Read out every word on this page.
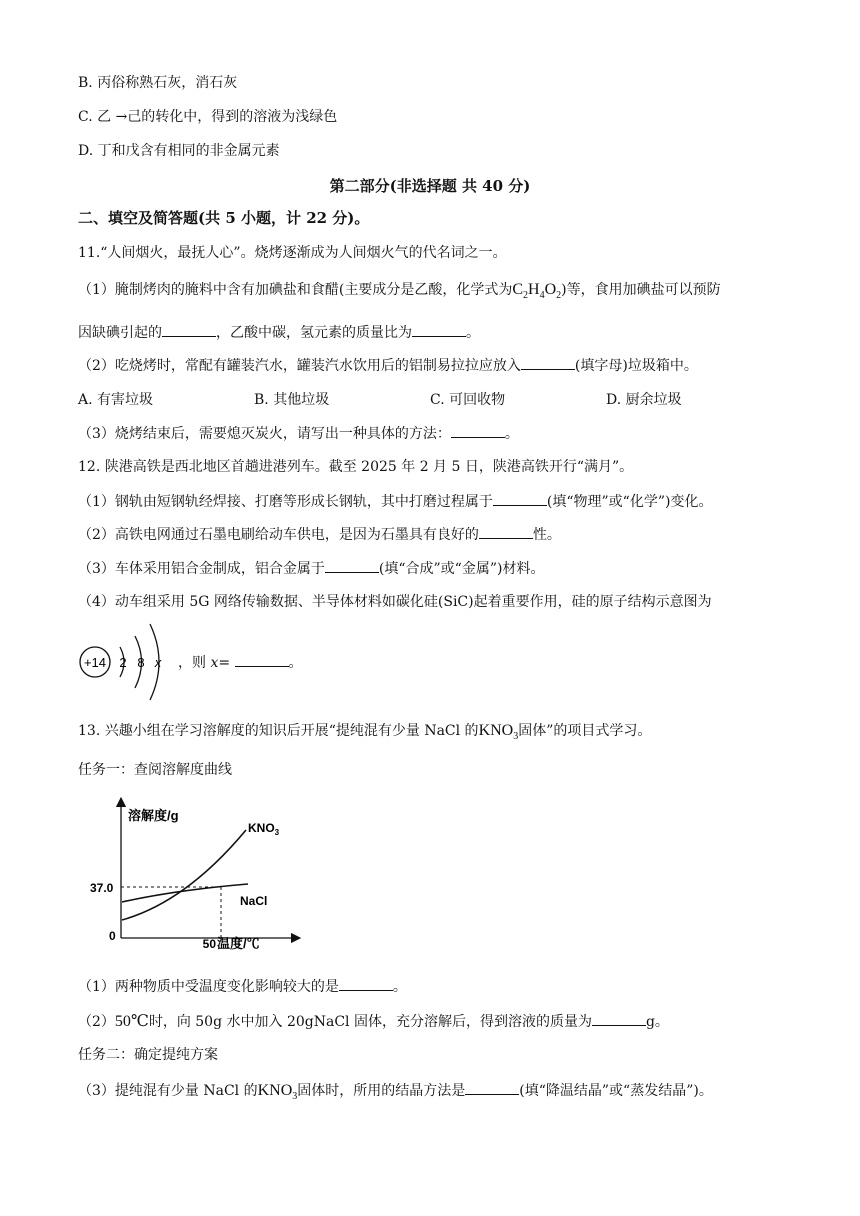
B. 丙俗称熟石灰，消石灰
C. 乙 →己的转化中，得到的溶液为浅绿色
D. 丁和戊含有相同的非金属元素
第二部分(非选择题 共 40 分)
二、填空及简答题(共 5 小题，计 22 分)。
11.“人间烟火，最抚人心”。烧烤逐渐成为人间烟火气的代名词之一。
（1）腌制烤肉的腌料中含有加碘盐和食醋(主要成分是乙酸，化学式为$C_2H_4O_2$)等，食用加碘盐可以预防
因缺碘引起的	，乙酸中碳，氢元素的质量比为	。
（2）吃烧烤时，常配有罐装汽水，罐装汽水饮用后的铝制易拉拉应放入	(填字母)垃圾箱中。
A. 有害垃圾	B. 其他垃圾	C. 可回收物	D. 厨余垃圾
（3）烧烤结束后，需要熄灭炭火，请写出一种具体的方法：	。
12. 陕港高铁是西北地区首趟进港列车。截至 2025 年 2 月 5 日，陕港高铁开行“满月”。
（1）钢轨由短钢轨经焊接、打磨等形成长钢轨，其中打磨过程属于	(填“物理”或“化学”)变化。
（2）高铁电网通过石墨电刷给动车供电，是因为石墨具有良好的	性。
（3）车体采用铝合金制成，铝合金属于	(填“合成”或“金属”)材料。
（4）动车组采用 5G 网络传输数据、半导体材料如碳化硅(SiC)起着重要作用，硅的原子结构示意图为
+14 2 8 x ，则 x=	。
13. 兴趣小组在学习溶解度的知识后开展“提纯混有少量 NaCl 的$KNO_3$固体”的项目式学习。
任务一：查阅溶解度曲线
溶解度/g
温度/℃
0
37.0
50
$KNO_3$
NaCl
（1）两种物质中受温度变化影响较大的是	。
（2）50℃时，向 50g 水中加入 20gNaCl 固体，充分溶解后，得到溶液的质量为	g。
任务二：确定提纯方案
（3）提纯混有少量 NaCl 的$KNO_3$固体时，所用的结晶方法是	(填“降温结晶”或“蒸发结晶”)。
